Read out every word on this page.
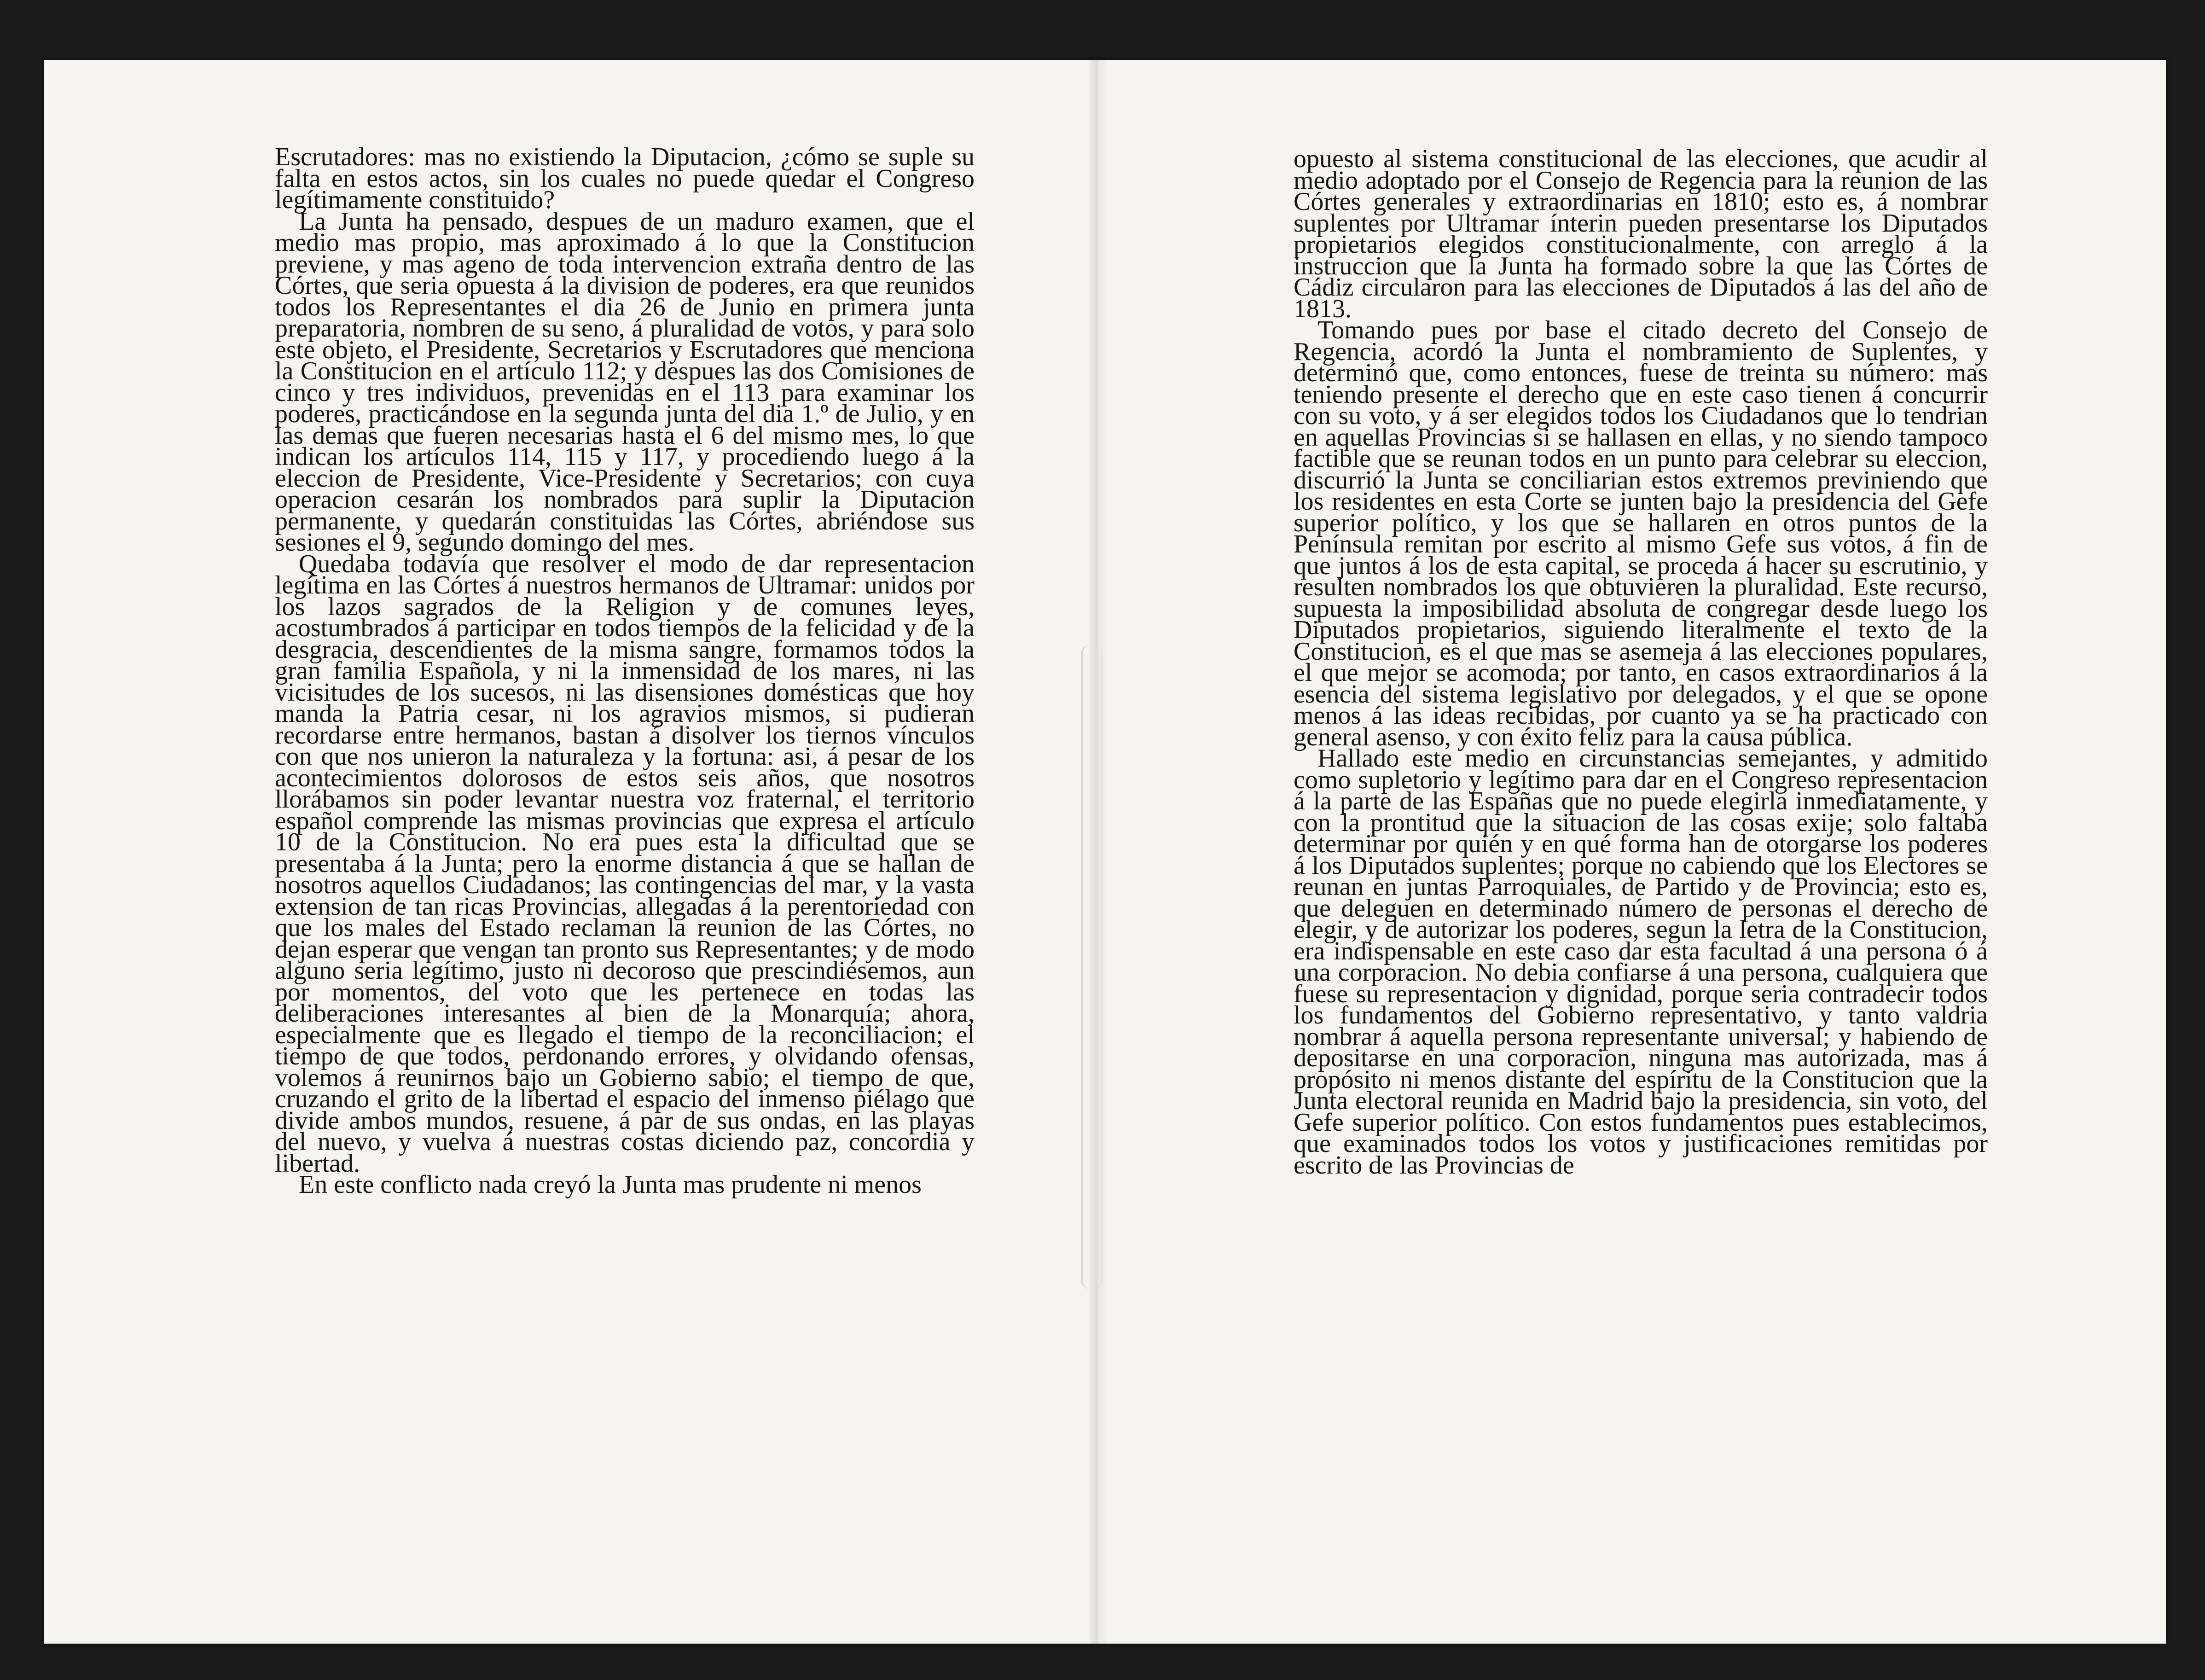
Escrutadores: mas no existiendo la Diputacion, ¿cómo se suple su falta en estos actos, sin los cuales no puede quedar el Congreso legítimamente constituido?

La Junta ha pensado, despues de un maduro examen, que el medio mas propio, mas aproximado á lo que la Constitucion previene, y mas ageno de toda intervencion extraña dentro de las Córtes, que seria opuesta á la division de poderes, era que reunidos todos los Representantes el dia 26 de Junio en primera junta preparatoria, nombren de su seno, á pluralidad de votos, y para solo este objeto, el Presidente, Secretarios y Escrutadores que menciona la Constitucion en el artículo 112; y despues las dos Comisiones de cinco y tres individuos, prevenidas en el 113 para examinar los poderes, practicándose en la segunda junta del dia 1.º de Julio, y en las demas que fueren necesarias hasta el 6 del mismo mes, lo que indican los artículos 114, 115 y 117, y procediendo luego á la eleccion de Presidente, Vice-Presidente y Secretarios; con cuya operacion cesarán los nombrados para suplir la Diputacion permanente, y quedarán constituidas las Córtes, abriéndose sus sesiones el 9, segundo domingo del mes.

Quedaba todavía que resolver el modo de dar representacion legítima en las Córtes á nuestros hermanos de Ultramar: unidos por los lazos sagrados de la Religion y de comunes leyes, acostumbrados á participar en todos tiempos de la felicidad y de la desgracia, descendientes de la misma sangre, formamos todos la gran familia Española, y ni la inmensidad de los mares, ni las vicisitudes de los sucesos, ni las disensiones domésticas que hoy manda la Patria cesar, ni los agravios mismos, si pudieran recordarse entre hermanos, bastan á disolver los tiernos vínculos con que nos unieron la naturaleza y la fortuna: asi, á pesar de los acontecimientos dolorosos de estos seis años, que nosotros llorábamos sin poder levantar nuestra voz fraternal, el territorio español comprende las mismas provincias que expresa el artículo 10 de la Constitucion. No era pues esta la dificultad que se presentaba á la Junta; pero la enorme distancia á que se hallan de nosotros aquellos Ciudadanos; las contingencias del mar, y la vasta extension de tan ricas Provincias, allegadas á la perentoriedad con que los males del Estado reclaman la reunion de las Córtes, no dejan esperar que vengan tan pronto sus Representantes; y de modo alguno seria legítimo, justo ni decoroso que prescindiésemos, aun por momentos, del voto que les pertenece en todas las deliberaciones interesantes al bien de la Monarquía; ahora, especialmente que es llegado el tiempo de la reconciliacion; el tiempo de que todos, perdonando errores, y olvidando ofensas, volemos á reunirnos bajo un Gobierno sabio; el tiempo de que, cruzando el grito de la libertad el espacio del inmenso piélago que divide ambos mundos, resuene, á par de sus ondas, en las playas del nuevo, y vuelva á nuestras costas diciendo paz, concordia y libertad.

En este conflicto nada creyó la Junta mas prudente ni menos

opuesto al sistema constitucional de las elecciones, que acudir al medio adoptado por el Consejo de Regencia para la reunion de las Córtes generales y extraordinarias en 1810; esto es, á nombrar suplentes por Ultramar ínterin pueden presentarse los Diputados propietarios elegidos constitucionalmente, con arreglo á la instruccion que la Junta ha formado sobre la que las Córtes de Cádiz circularon para las elecciones de Diputados á las del año de 1813.

Tomando pues por base el citado decreto del Consejo de Regencia, acordó la Junta el nombramiento de Suplentes, y determinó que, como entonces, fuese de treinta su número: mas teniendo presente el derecho que en este caso tienen á concurrir con su voto, y á ser elegidos todos los Ciudadanos que lo tendrian en aquellas Provincias si se hallasen en ellas, y no siendo tampoco factible que se reunan todos en un punto para celebrar su eleccion, discurrió la Junta se conciliarian estos extremos previniendo que los residentes en esta Corte se junten bajo la presidencia del Gefe superior político, y los que se hallaren en otros puntos de la Península remitan por escrito al mismo Gefe sus votos, á fin de que juntos á los de esta capital, se proceda á hacer su escrutinio, y resulten nombrados los que obtuvieren la pluralidad. Este recurso, supuesta la imposibilidad absoluta de congregar desde luego los Diputados propietarios, siguiendo literalmente el texto de la Constitucion, es el que mas se asemeja á las elecciones populares, el que mejor se acomoda; por tanto, en casos extraordinarios á la esencia del sistema legislativo por delegados, y el que se opone menos á las ideas recibidas, por cuanto ya se ha practicado con general asenso, y con éxito feliz para la causa pública.

Hallado este medio en circunstancias semejantes, y admitido como supletorio y legítimo para dar en el Congreso representacion á la parte de las Españas que no puede elegirla inmediatamente, y con la prontitud que la situacion de las cosas exije; solo faltaba determinar por quién y en qué forma han de otorgarse los poderes á los Diputados suplentes; porque no cabiendo que los Electores se reunan en juntas Parroquiales, de Partido y de Provincia; esto es, que deleguen en determinado número de personas el derecho de elegir, y de autorizar los poderes, segun la letra de la Constitucion, era indispensable en este caso dar esta facultad á una persona ó á una corporacion. No debia confiarse á una persona, cualquiera que fuese su representacion y dignidad, porque seria contradecir todos los fundamentos del Gobierno representativo, y tanto valdria nombrar á aquella persona representante universal; y habiendo de depositarse en una corporacion, ninguna mas autorizada, mas á propósito ni menos distante del espíritu de la Constitucion que la Junta electoral reunida en Madrid bajo la presidencia, sin voto, del Gefe superior político. Con estos fundamentos pues establecimos, que examinados todos los votos y justificaciones remitidas por escrito de las Provincias de
